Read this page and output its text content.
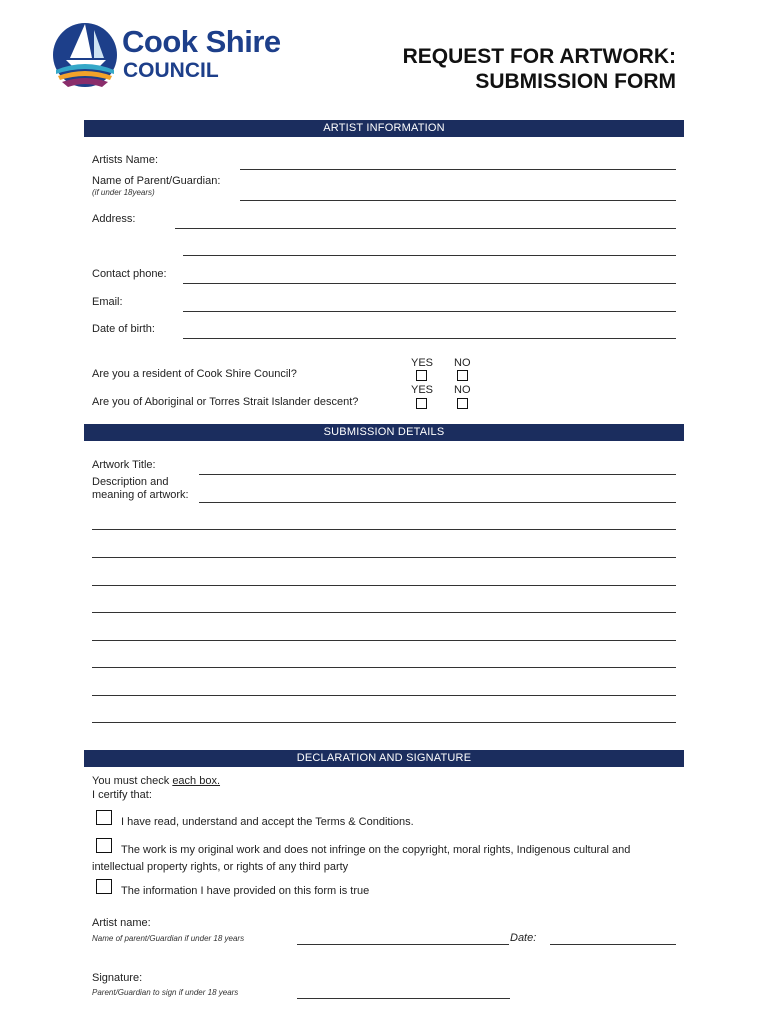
Cook Shire
COUNCIL
REQUEST FOR ARTWORK:
SUBMISSION FORM
ARTIST INFORMATION
Artists Name:
Name of Parent/Guardian:
(if under 18years)
Address:
Contact phone:
Email:
Date of birth:
YES NO
Are you a resident of Cook Shire Council?
YES NO
Are you of Aboriginal or Torres Strait Islander descent?
SUBMISSION DETAILS
Artwork Title:
Description and
meaning of artwork:
DECLARATION AND SIGNATURE
You must check each box.
I certify that:
I have read, understand and accept the Terms & Conditions.
The work is my original work and does not infringe on the copyright, moral rights, Indigenous cultural and
intellectual property rights, or rights of any third party
The information I have provided on this form is true
Artist name:
Name of parent/Guardian if under 18 years	Date:
Signature:
Parent/Guardian to sign if under 18 years
